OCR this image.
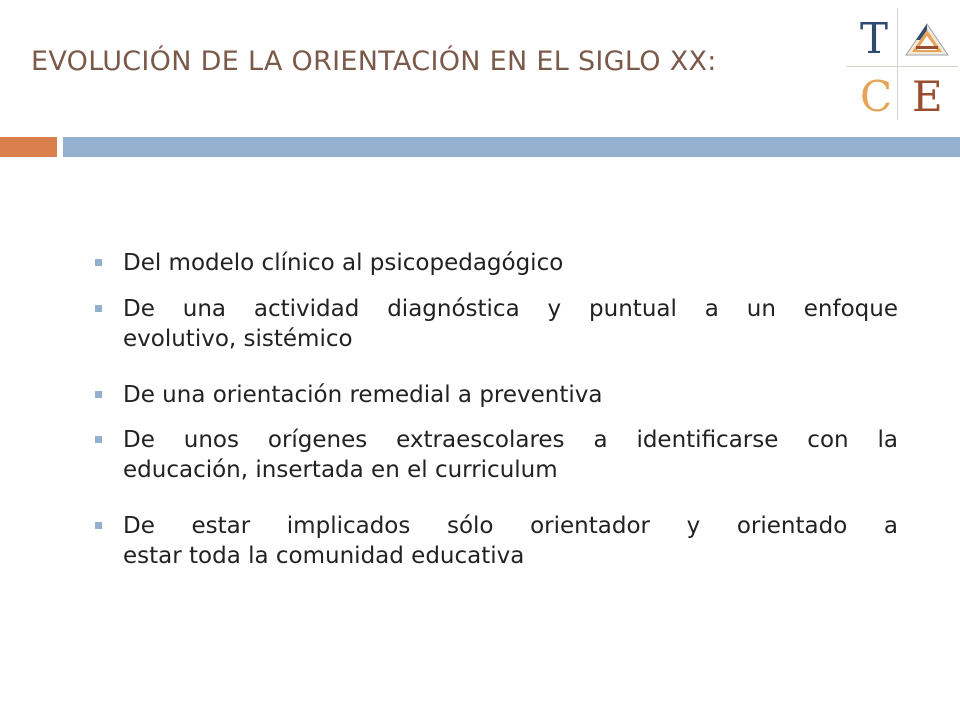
EVOLUCIÓN DE LA ORIENTACIÓN EN EL SIGLO XX:	T
C E
Del modelo clínico al psicopedagógico
De una actividad diagnóstica y puntual a un enfoque
evolutivo, sistémico
De una orientación remedial a preventiva
De unos orígenes extraescolares a identificarse con la
educación, insertada en el curriculum
De estar implicados sólo orientador y orientado a
estar toda la comunidad educativa
